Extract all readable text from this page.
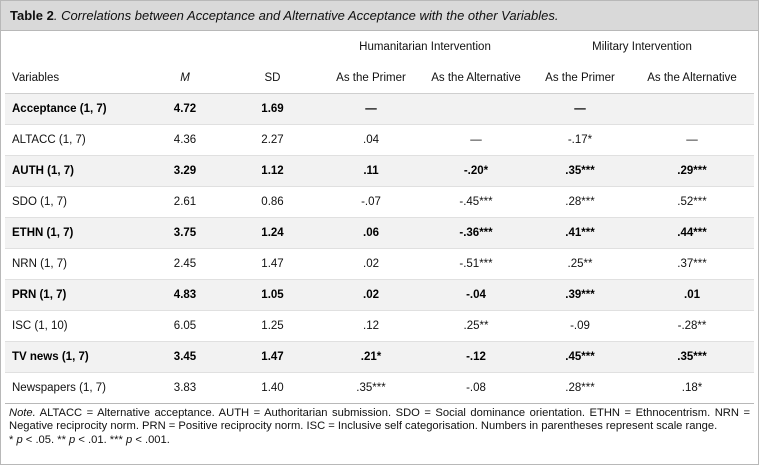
Table 2. Correlations between Acceptance and Alternative Acceptance with the other Variables.
			Humanitarian Intervention		Military Intervention	
Variables	M	SD	As the Primer	As the Alternative	As the Primer	As the Alternative
Acceptance (1, 7)	4.72	1.69	—		—	
ALTACC (1, 7)	4.36	2.27	.04	—	-.17*	—
AUTH (1, 7)	3.29	1.12	.11	-.20*	.35***	.29***
SDO (1, 7)	2.61	0.86	-.07	-.45***	.28***	.52***
ETHN (1, 7)	3.75	1.24	.06	-.36***	.41***	.44***
NRN (1, 7)	2.45	1.47	.02	-.51***	.25**	.37***
PRN (1, 7)	4.83	1.05	.02	-.04	.39***	.01
ISC (1, 10)	6.05	1.25	.12	.25**	-.09	-.28**
TV news (1, 7)	3.45	1.47	.21*	-.12	.45***	.35***
Newspapers (1, 7)	3.83	1.40	.35***	-.08	.28***	.18*
Note. ALTACC = Alternative acceptance. AUTH = Authoritarian submission. SDO = Social dominance orientation. ETHN = Ethnocentrism. NRN = Negative reciprocity norm. PRN = Positive reciprocity norm. ISC = Inclusive self categorisation. Numbers in parentheses represent scale range.
* p < .05. ** p < .01. *** p < .001.
